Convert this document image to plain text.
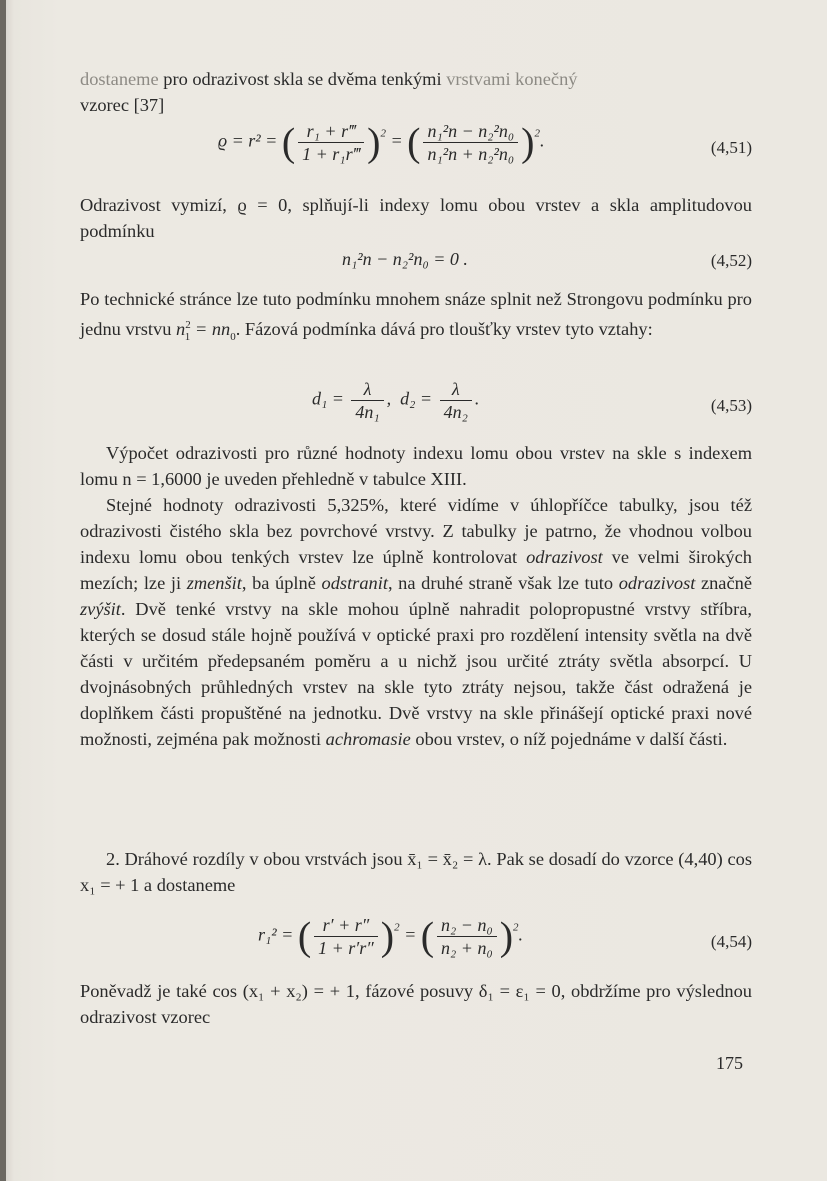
dostaneme pro odrazivost skla se dvěma tenkými vrstvami konečný

vzorec [37]

ϱ = r² = ( $\frac{\text{r₁ + r‴}}{\text{1 + r₁r‴}} )^2$ = ( $\frac{\text{n₁²n − n₂²n₀}}{\text{n₁²n + n₂²n₀}} )^2$.	(4,51)

Odrazivost vymizí, ϱ = 0, splňují-li indexy lomu obou vrstev a skla amplitudovou podmínku

n₁²n − n₂²n₀ = 0 .	(4,52)

Po technické stránce lze tuto podmínku mnohem snáze splnit než Strongovu podmínku pro jednu vrstvu $n^2_1 = nn_0$. Fázová podmínka dává pro tloušťky vrstev tyto vztahy:

$d_1 = \frac{\lambda}{\text{4n₁}}$ , $d_2 = \frac{\lambda}{\text{4n₂}}$ .	(4,53)

Výpočet odrazivosti pro různé hodnoty indexu lomu obou vrstev na skle s indexem lomu n = 1,6000 je uveden přehledně v tabulce XIII.

Stejné hodnoty odrazivosti 5,325%, které vidíme v úhlopříčce tabulky, jsou též odrazivosti čistého skla bez povrchové vrstvy. Z tabulky je patrno, že vhodnou volbou indexu lomu obou tenkých vrstev lze úplně kontrolovat odrazivost ve velmi širokých mezích; lze ji zmenšit, ba úplně odstranit, na druhé straně však lze tuto odrazivost značně zvýšit. Dvě tenké vrstvy na skle mohou úplně nahradit polopropustné vrstvy stříbra, kterých se dosud stále hojně používá v optické praxi pro rozdělení intensity světla na dvě části v určitém předepsaném poměru a u nichž jsou určité ztráty světla absorpcí. U dvojnásobných průhledných vrstev na skle tyto ztráty nejsou, takže část odražená je doplňkem části propuštěné na jednotku. Dvě vrstvy na skle přinášejí optické praxi nové možnosti, zejména pak možnosti achromasie obou vrstev, o níž pojednáme v další části.

2. Dráhové rozdíly v obou vrstvách jsou x̄₁ = x̄₂ = λ. Pak se dosadí do vzorce (4,40) cos x₁ = + 1 a dostaneme

r₁² = ( $\frac{r' + r''}{1 + r'r''} )^2$ = ( $\frac{\text{n₂ − n₀}}{\text{n₂ + n₀}} )^2$.	(4,54)

Poněvadž je také cos (x₁ + x₂) = + 1, fázové posuvy δ₁ = ε₁ = 0, obdržíme pro výslednou odrazivost vzorec

175
